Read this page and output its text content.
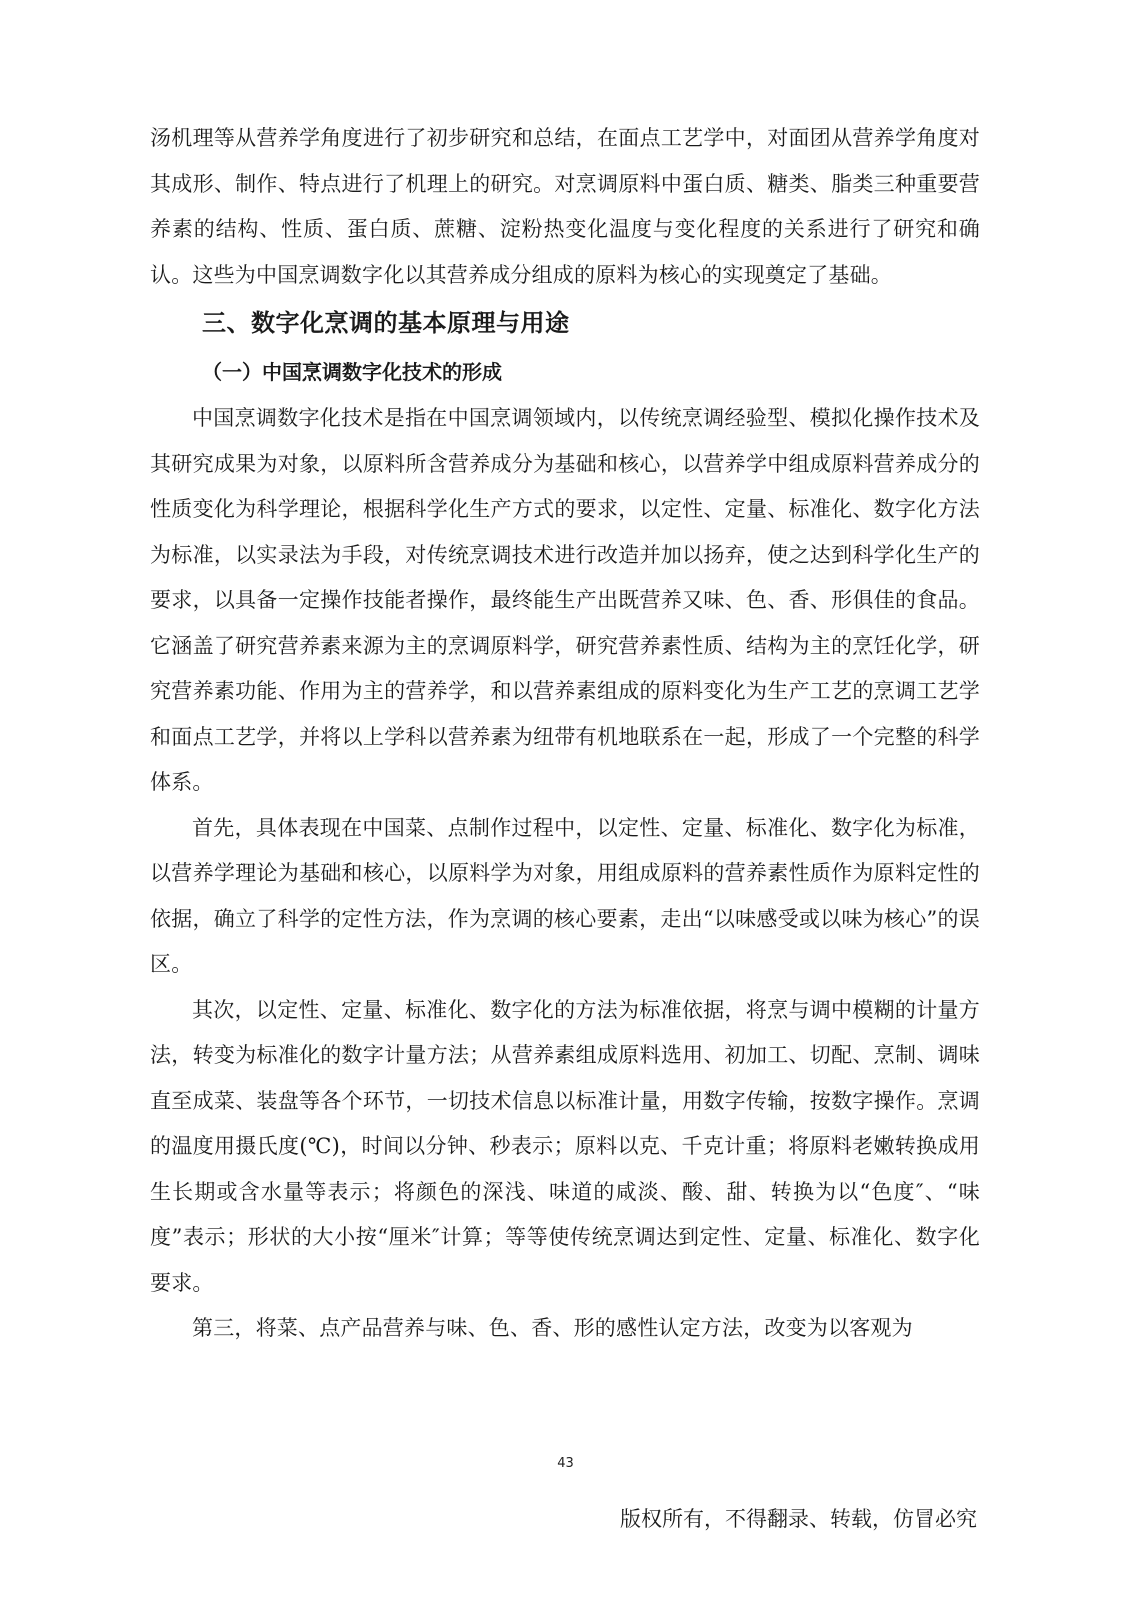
汤机理等从营养学角度进行了初步研究和总结，在面点工艺学中，对面团从营养学角度对其成形、制作、特点进行了机理上的研究。对烹调原料中蛋白质、糖类、脂类三种重要营养素的结构、性质、蛋白质、蔗糖、淀粉热变化温度与变化程度的关系进行了研究和确认。这些为中国烹调数字化以其营养成分组成的原料为核心的实现奠定了基础。

三、数字化烹调的基本原理与用途
（一）中国烹调数字化技术的形成

中国烹调数字化技术是指在中国烹调领域内，以传统烹调经验型、模拟化操作技术及其研究成果为对象，以原料所含营养成分为基础和核心，以营养学中组成原料营养成分的性质变化为科学理论，根据科学化生产方式的要求，以定性、定量、标准化、数字化方法为标准，以实录法为手段，对传统烹调技术进行改造并加以扬弃，使之达到科学化生产的要求，以具备一定操作技能者操作，最终能生产出既营养又味、色、香、形俱佳的食品。它涵盖了研究营养素来源为主的烹调原料学，研究营养素性质、结构为主的烹饪化学，研究营养素功能、作用为主的营养学，和以营养素组成的原料变化为生产工艺的烹调工艺学和面点工艺学，并将以上学科以营养素为纽带有机地联系在一起，形成了一个完整的科学体系。

首先，具体表现在中国菜、点制作过程中，以定性、定量、标准化、数字化为标准，以营养学理论为基础和核心，以原料学为对象，用组成原料的营养素性质作为原料定性的依据，确立了科学的定性方法，作为烹调的核心要素，走出“以味感受或以味为核心”的误区。

其次，以定性、定量、标准化、数字化的方法为标准依据，将烹与调中模糊的计量方法，转变为标准化的数字计量方法；从营养素组成原料选用、初加工、切配、烹制、调味直至成菜、装盘等各个环节，一切技术信息以标准计量，用数字传输，按数字操作。烹调的温度用摄氏度(℃)，时间以分钟、秒表示；原料以克、千克计重；将原料老嫩转换成用生长期或含水量等表示；将颜色的深浅、味道的咸淡、酸、甜、转换为以“色度″、“味度”表示；形状的大小按“厘米″计算；等等使传统烹调达到定性、定量、标准化、数字化要求。

第三，将菜、点产品营养与味、色、香、形的感性认定方法，改变为以客观为

43
版权所有，不得翻录、转载，仿冒必究
